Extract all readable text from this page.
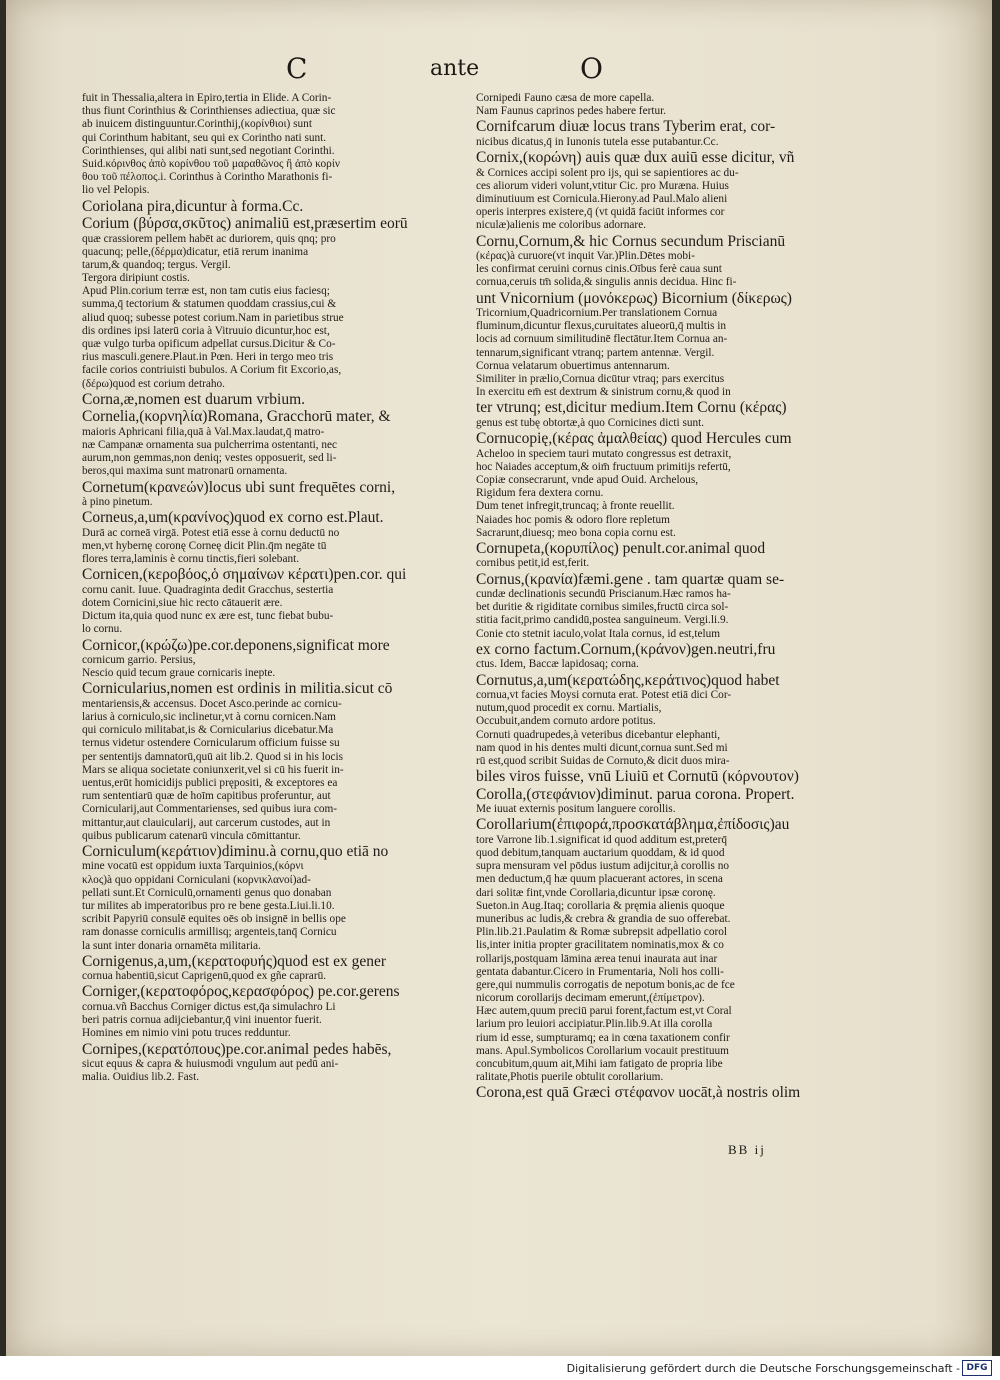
C	ante	O
fuit in Thessalia,altera in Epiro,tertia in Elide. A Corin-
thus fiunt Corinthius & Corinthienses adiectiua, quæ sic
ab inuicem distinguuntur.Corinthij,(κορίνθιοι) sunt
qui Corinthum habitant, seu qui ex Corintho nati sunt.
Corinthienses, qui alibi nati sunt,sed negotiant Corinthi.
Suid.κόρινθος ἀπὸ κορίνθου τοῦ μαραθῶνος ἢ ἀπὸ κορίν
θου τοῦ πέλοπος.i. Corinthus à Corintho Marathonis fi-
lio vel Pelopis.
Coriolana pira,dicuntur à forma.Cc.
Corium (βύρσα,σκῦτος) animaliū est,præsertim eorū
quæ crassiorem pellem habēt ac duriorem, quis qnq; pro
quacunq; pelle,(δέρμα)dicatur, etiā rerum inanima
tarum,& quandoq; tergus. Vergil.
Tergora diripiunt costis.
Apud Plin.corium terræ est, non tam cutis eius faciesq;
summa,q̄ tectorium & statumen quoddam crassius,cui &
aliud quoq; subesse potest corium.Nam in parietibus strue
dis ordines ipsi laterū coria à Vitruuio dicuntur,hoc est,
quæ vulgo turba opificum adpellat cursus.Dicitur & Co-
rius masculi.genere.Plaut.in Pœn. Heri in tergo meo tris
facile corios contriuisti bubulos. A Corium fit Excorio,as,
(δέρω)quod est corium detraho.
Corna,æ,nomen est duarum vrbium.
Cornelia,(κορνηλία)Romana, Gracchorū mater, &
maioris Aphricani filia,quā à Val.Max.laudat,q̄ matro-
næ Campanæ ornamenta sua pulcherrima ostentanti, nec
aurum,non gemmas,non deniq; vestes opposuerit, sed li-
beros,qui maxima sunt matronarū ornamenta.
Cornetum(κρανεών)locus ubi sunt frequētes corni,
à pino pinetum.
Corneus,a,um(κρανίνος)quod ex corno est.Plaut.
Durā ac corneā virgā. Potest etiā esse à cornu deductū no
men,vt hybernę coronę Corneę dicit Plin.q̄m negāte tū
flores terra,laminis è cornu tinctis,fieri solebant.
Cornicen,(κεροβόος,ὁ σημαίνων κέρατι)pen.cor. qui
cornu canit. Iuue. Quadraginta dedit Gracchus, sestertia
dotem Cornicini,siue hic recto cātauerit ære.
Dictum ita,quia quod nunc ex ære est, tunc fiebat bubu-
lo cornu.
Cornicor,(κρώζω)pe.cor.deponens,significat more
cornicum garrio. Persius,
Nescio quid tecum graue cornicaris inepte.
Cornicularius,nomen est ordinis in militia.sicut cō
mentariensis,& accensus. Docet Asco.perinde ac cornicu-
larius à corniculo,sic inclinetur,vt à cornu cornicen.Nam
qui corniculo militabat,is & Cornicularius dicebatur.Ma
ternus videtur ostendere Cornicularum officium fuisse su
per sententijs damnatorū,quū ait lib.2. Quod si in his locis
Mars se aliqua societate coniunxerit,vel si cū his fuerit in-
uentus,erūt homicidijs publici prępositi, & exceptores ea
rum sententiarū quæ de hoīm capitibus proferuntur, aut
Cornicularij,aut Commentarienses, sed quibus iura com-
mittantur,aut clauicularij, aut carcerum custodes, aut in
quibus publicarum catenarū vincula cōmittantur.
Corniculum(κεράτιον)diminu.à cornu,quo etiā no
mine vocatū est oppidum iuxta Tarquinios,(κόρνι
κλος)à quo oppidani Corniculani (κορνικλανοί)ad-
pellati sunt.Et Corniculū,ornamenti genus quo donaban
tur milites ab imperatoribus pro re bene gesta.Liui.li.10.
scribit Papyriū consulē equites oēs ob insignē in bellis ope
ram donasse corniculis armillisq; argenteis,tanq̄ Cornicu
la sunt inter donaria ornamēta militaria.
Cornigenus,a,um,(κερατοφυής)quod est ex gener
cornua habentiū,sicut Caprigenū,quod ex gñe caprarū.
Corniger,(κερατοφόρος,κερασφόρος) pe.cor.gerens
cornua.vñ Bacchus Corniger dictus est,q̄a simulachro Li
beri patris cornua adijciebantur,q̄ vini inuentor fuerit.
Homines em nimio vini potu truces redduntur.
Cornipes,(κερατόπους)pe.cor.animal pedes habēs,
sicut equus & capra & huiusmodi vngulum aut pedū ani-
malia. Ouidius lib.2. Fast.
Cornipedi Fauno cæsa de more capella.
Nam Faunus caprinos pedes habere fertur.
Cornifcarum diuæ locus trans Tyberim erat, cor-
nicibus dicatus,q̄ in Iunonis tutela esse putabantur.Cc.
Cornix,(κορώνη) auis quæ dux auiū esse dicitur, vñ
& Cornices accipi solent pro ijs, qui se sapientiores ac du-
ces aliorum videri volunt,vtitur Cic. pro Muræna. Huius
diminutiuum est Cornicula.Hierony.ad Paul.Malo alieni
operis interpres existere,q̄ (vt quidā faciūt informes cor
niculæ)alienis me coloribus adornare.
Cornu,Cornum,& hic Cornus secundum Priscianū
(κέρας)à curuore(vt inquit Var.)Plin.Dētes mobi-
les confirmat ceruini cornus cinis.Oībus ferè caua sunt
cornua,ceruis tm̄ solida,& singulis annis decidua. Hinc fi-
unt Vnicornium (μονόκερως) Bicornium (δίκερως)
Tricornium,Quadricornium.Per translationem Cornua
fluminum,dicuntur flexus,curuitates alueorū,q̄ multis in
locis ad cornuum similitudinē flectātur.Item Cornua an-
tennarum,significant vtranq; partem antennæ. Vergil.
Cornua velatarum obuertimus antennarum.
Similiter in prælio,Cornua dicūtur vtraq; pars exercitus
In exercitu em̄ est dextrum & sinistrum cornu,& quod in
ter vtrunq; est,dicitur medium.Item Cornu (κέρας)
genus est tubę obtortæ,à quo Cornicines dicti sunt.
Cornucopię,(κέρας ἀμαλθείας) quod Hercules cum
Acheloo in speciem tauri mutato congressus est detraxit,
hoc Naiades acceptum,& oim̄ fructuum primitijs refertū,
Copiæ consecrarunt, vnde apud Ouid. Archelous,
Rigidum fera dextera cornu.
Dum tenet infregit,truncaq; à fronte reuellit.
Naiades hoc pomis & odoro flore repletum
Sacrarunt,diuesq; meo bona copia cornu est.
Cornupeta,(κορυπίλος) penult.cor.animal quod
cornibus petit,id est,ferit.
Cornus,(κρανία)fæmi.gene . tam quartæ quam se-
cundæ declinationis secundū Priscianum.Hæc ramos ha-
bet duritie & rigiditate cornibus similes,fructū circa sol-
stitia facit,primo candidū,postea sanguineum. Vergi.li.9.
Conie cto stetnit iaculo,volat Itala cornus, id est,telum
ex corno factum.Cornum,(κράνον)gen.neutri,fru
ctus. Idem, Baccæ lapidosaq; corna.
Cornutus,a,um(κερατώδης,κεράτινος)quod habet
cornua,vt facies Moysi cornuta erat. Potest etiā dici Cor-
nutum,quod procedit ex cornu. Martialis,
Occubuit,andem cornuto ardore potitus.
Cornuti quadrupedes,à veteribus dicebantur elephanti,
nam quod in his dentes multi dicunt,cornua sunt.Sed mi
rū est,quod scribit Suidas de Cornuto,& dicit duos mira-
biles viros fuisse, vnū Liuiū et Cornutū (κόρνουτον)
Corolla,(στεφάνιον)diminut. parua corona. Propert.
Me iuuat externis positum languere corollis.
Corollarium(ἐπιφορά,προσκατάβλημα,ἐπίδοσις)au
tore Varrone lib.1.significat id quod additum est,preterq̄
quod debitum,tanquam auctarium quoddam, & id quod
supra mensuram vel pōdus iustum adijcitur,à corollis no
men deductum,q̄ hæ quum placuerant actores, in scena
dari solitæ fint,vnde Corollaria,dicuntur ipsæ coronę.
Sueton.in Aug.Itaq; corollaria & pręmia alienis quoque
muneribus ac ludis,& crebra & grandia de suo offerebat.
Plin.lib.21.Paulatim & Romæ subrepsit adpellatio corol
lis,inter initia propter gracilitatem nominatis,mox & co
rollarijs,postquam lāmina ærea tenui inaurata aut inar
gentata dabantur.Cicero in Frumentaria, Noli hos colli-
gere,qui nummulis corrogatis de nepotum bonis,ac de fce
nicorum corollarijs decimam emerunt,(ἐπίμετρον).
Hæc autem,quum preciū parui forent,factum est,vt Coral
larium pro leuiori accipiatur.Plin.lib.9.At illa corolla
rium id esse, sumpturamq; ea in cœna taxationem confir
mans. Apul.Symbolicos Corollarium vocauit prestituum
concubitum,quum ait,Mihi iam fatigato de propria libe
ralitate,Photis puerile obtulit corollarium.
Corona,est quā Græci στέφανον uocāt,à nostris olim
BB ij
Digitalisierung gefördert durch die Deutsche Forschungsgemeinschaft - DFG
